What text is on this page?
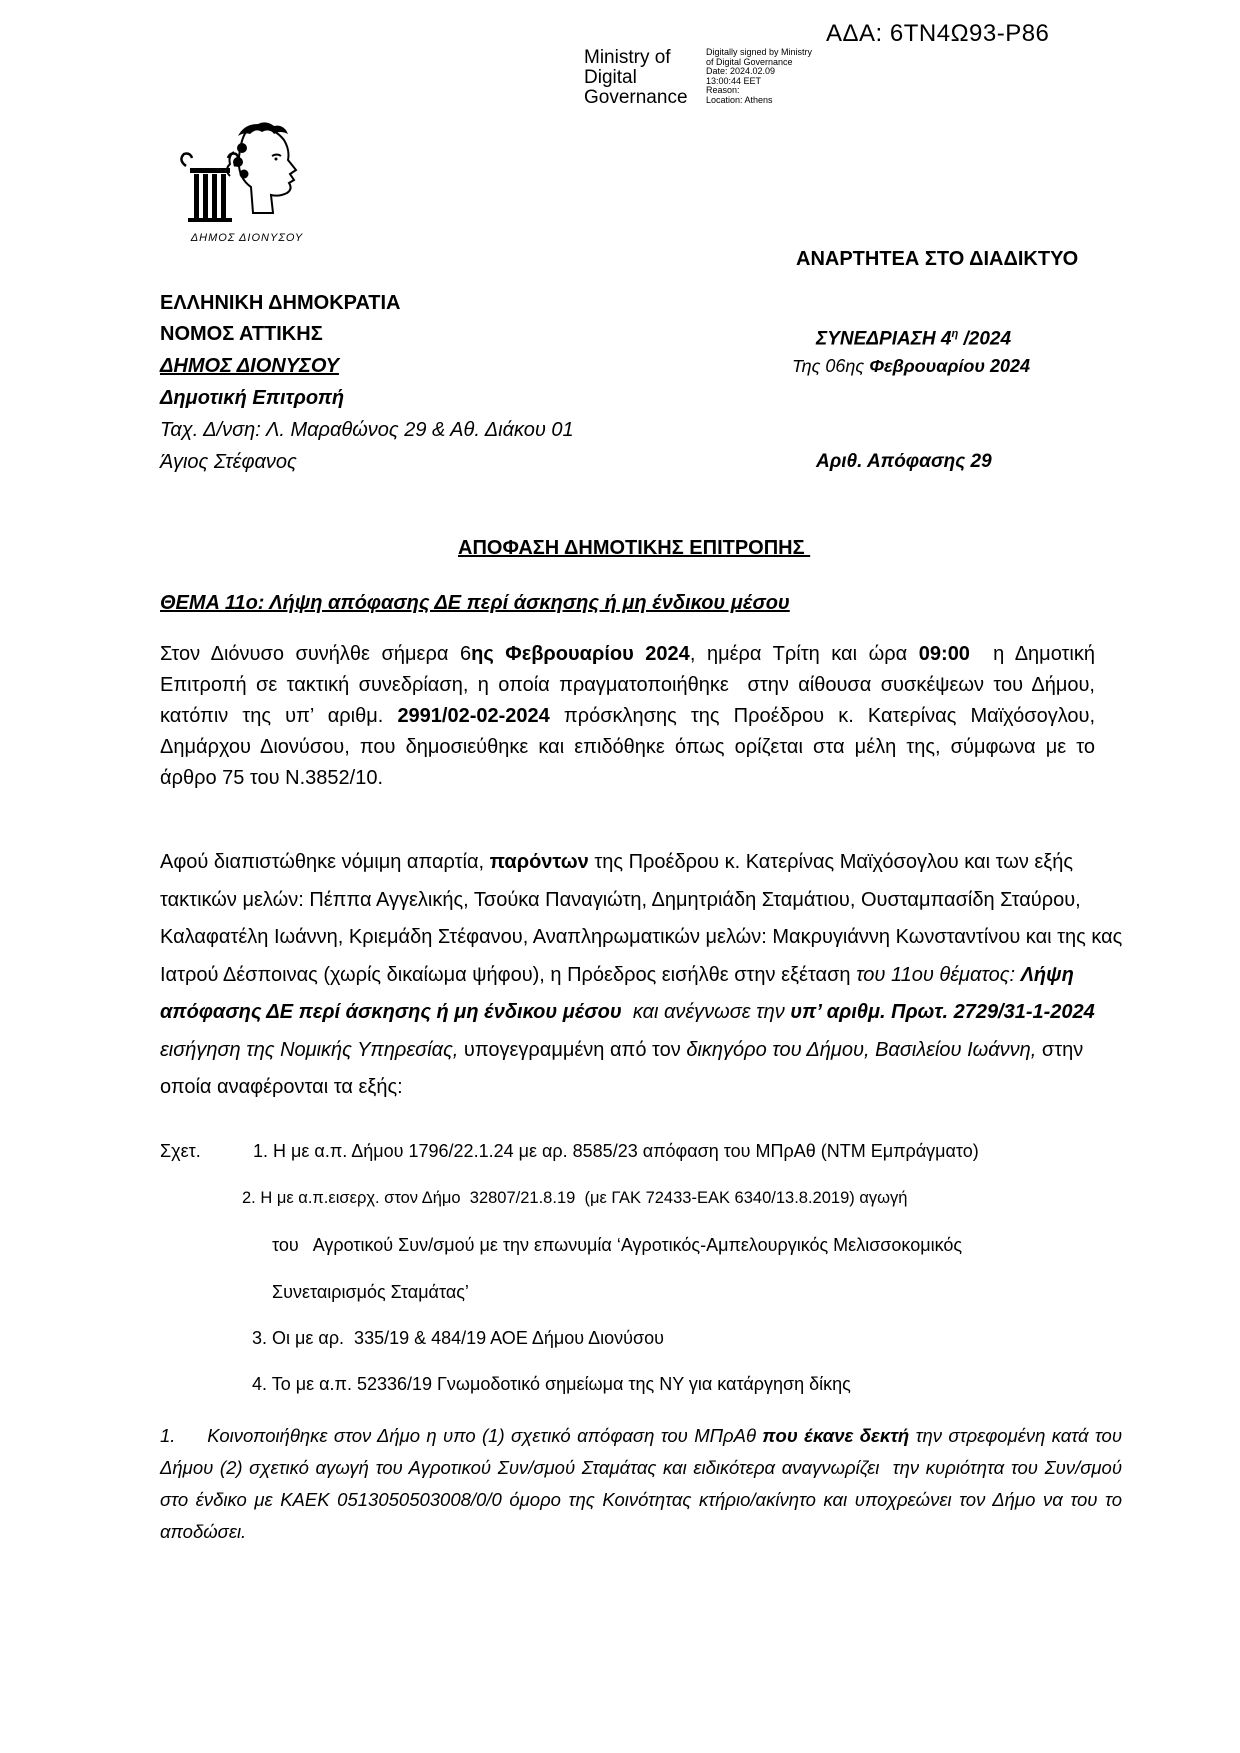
ΑΔΑ: 6ΤΝ4Ω93-Ρ86
Ministry of
Digital
Governance
Digitally signed by Ministry
of Digital Governance
Date: 2024.02.09
13:00:44 EET
Reason:
Location: Athens
ΔΗΜΟΣ ΔΙΟΝΥΣΟΥ
ΑΝΑΡΤΗΤΕΑ ΣΤΟ ΔΙΑΔΙΚΤΥΟ
ΕΛΛΗΝΙΚΗ ΔΗΜΟΚΡΑΤΙΑ
ΝΟΜΟΣ ΑΤΤΙΚΗΣ
ΔΗΜΟΣ ΔΙΟΝΥΣΟΥ
Δημοτική Επιτροπή
Ταχ. Δ/νση: Λ. Μαραθώνος 29 & Αθ. Διάκου 01
Άγιος Στέφανος
ΣΥΝΕΔΡΙΑΣΗ $4^\eta$ /2024
Της 06ης Φεβρουαρίου 2024
Αριθ. Απόφασης 29
ΑΠΟΦΑΣΗ ΔΗΜΟΤΙΚΗΣ ΕΠΙΤΡΟΠΗΣ
ΘΕΜΑ 11ο: Λήψη απόφασης ΔΕ περί άσκησης ή μη ένδικου μέσου
Στον Διόνυσο συνήλθε σήμερα 6ης Φεβρουαρίου 2024, ημέρα Τρίτη και ώρα 09:00  η Δημοτική Επιτροπή σε τακτική συνεδρίαση, η οποία πραγματοποιήθηκε  στην αίθουσα συσκέψεων του Δήμου, κατόπιν της υπ’ αριθμ. 2991/02-02-2024 πρόσκλησης της Προέδρου κ. Κατερίνας Μαϊχόσογλου, Δημάρχου Διονύσου, που δημοσιεύθηκε και επιδόθηκε όπως ορίζεται στα μέλη της, σύμφωνα με το άρθρο 75 του Ν.3852/10.
Αφού διαπιστώθηκε νόμιμη απαρτία, παρόντων της Προέδρου κ. Κατερίνας Μαϊχόσογλου και των εξής τακτικών μελών: Πέππα Αγγελικής, Τσούκα Παναγιώτη, Δημητριάδη Σταμάτιου, Ουσταμπασίδη Σταύρου, Καλαφατέλη Ιωάννη, Κριεμάδη Στέφανου, Αναπληρωματικών μελών: Μακρυγιάννη Κωνσταντίνου και της κας Ιατρού Δέσποινας (χωρίς δικαίωμα ψήφου), η Πρόεδρος εισήλθε στην εξέταση του 11ου θέματος: Λήψη απόφασης ΔΕ περί άσκησης ή μη ένδικου μέσου  και ανέγνωσε την υπ’ αριθμ. Πρωτ. 2729/31-1-2024 εισήγηση της Νομικής Υπηρεσίας, υπογεγραμμένη από τον δικηγόρο του Δήμου, Βασιλείου Ιωάννη, στην οποία αναφέρονται τα εξής:
Σχετ.	1. Η με α.π. Δήμου 1796/22.1.24 με αρ. 8585/23 απόφαση του ΜΠρΑθ (ΝΤΜ Εμπράγματο)
2. Η με α.π.εισερχ. στον Δήμο  32807/21.8.19  (με ΓΑΚ 72433-ΕΑΚ 6340/13.8.2019) αγωγή
του   Αγροτικού Συν/σμού με την επωνυμία ‘Αγροτικός-Αμπελουργικός Μελισσοκομικός
Συνεταιρισμός Σταμάτας’
3. Οι με αρ.  335/19 & 484/19 ΑΟΕ Δήμου Διονύσου
4. Το με α.π. 52336/19 Γνωμοδοτικό σημείωμα της ΝΥ για κατάργηση δίκης
1.     Κοινοποιήθηκε στον Δήμο η υπο (1) σχετικό απόφαση του ΜΠρΑθ που έκανε δεκτή την στρεφομένη κατά του Δήμου (2) σχετικό αγωγή του Αγροτικού Συν/σμού Σταμάτας και ειδικότερα αναγνωρίζει  την κυριότητα του Συν/σμού στο ένδικο με ΚΑΕΚ 0513050503008/0/0 όμορο της Κοινότητας κτήριο/ακίνητο και υποχρεώνει τον Δήμο να του το αποδώσει.
